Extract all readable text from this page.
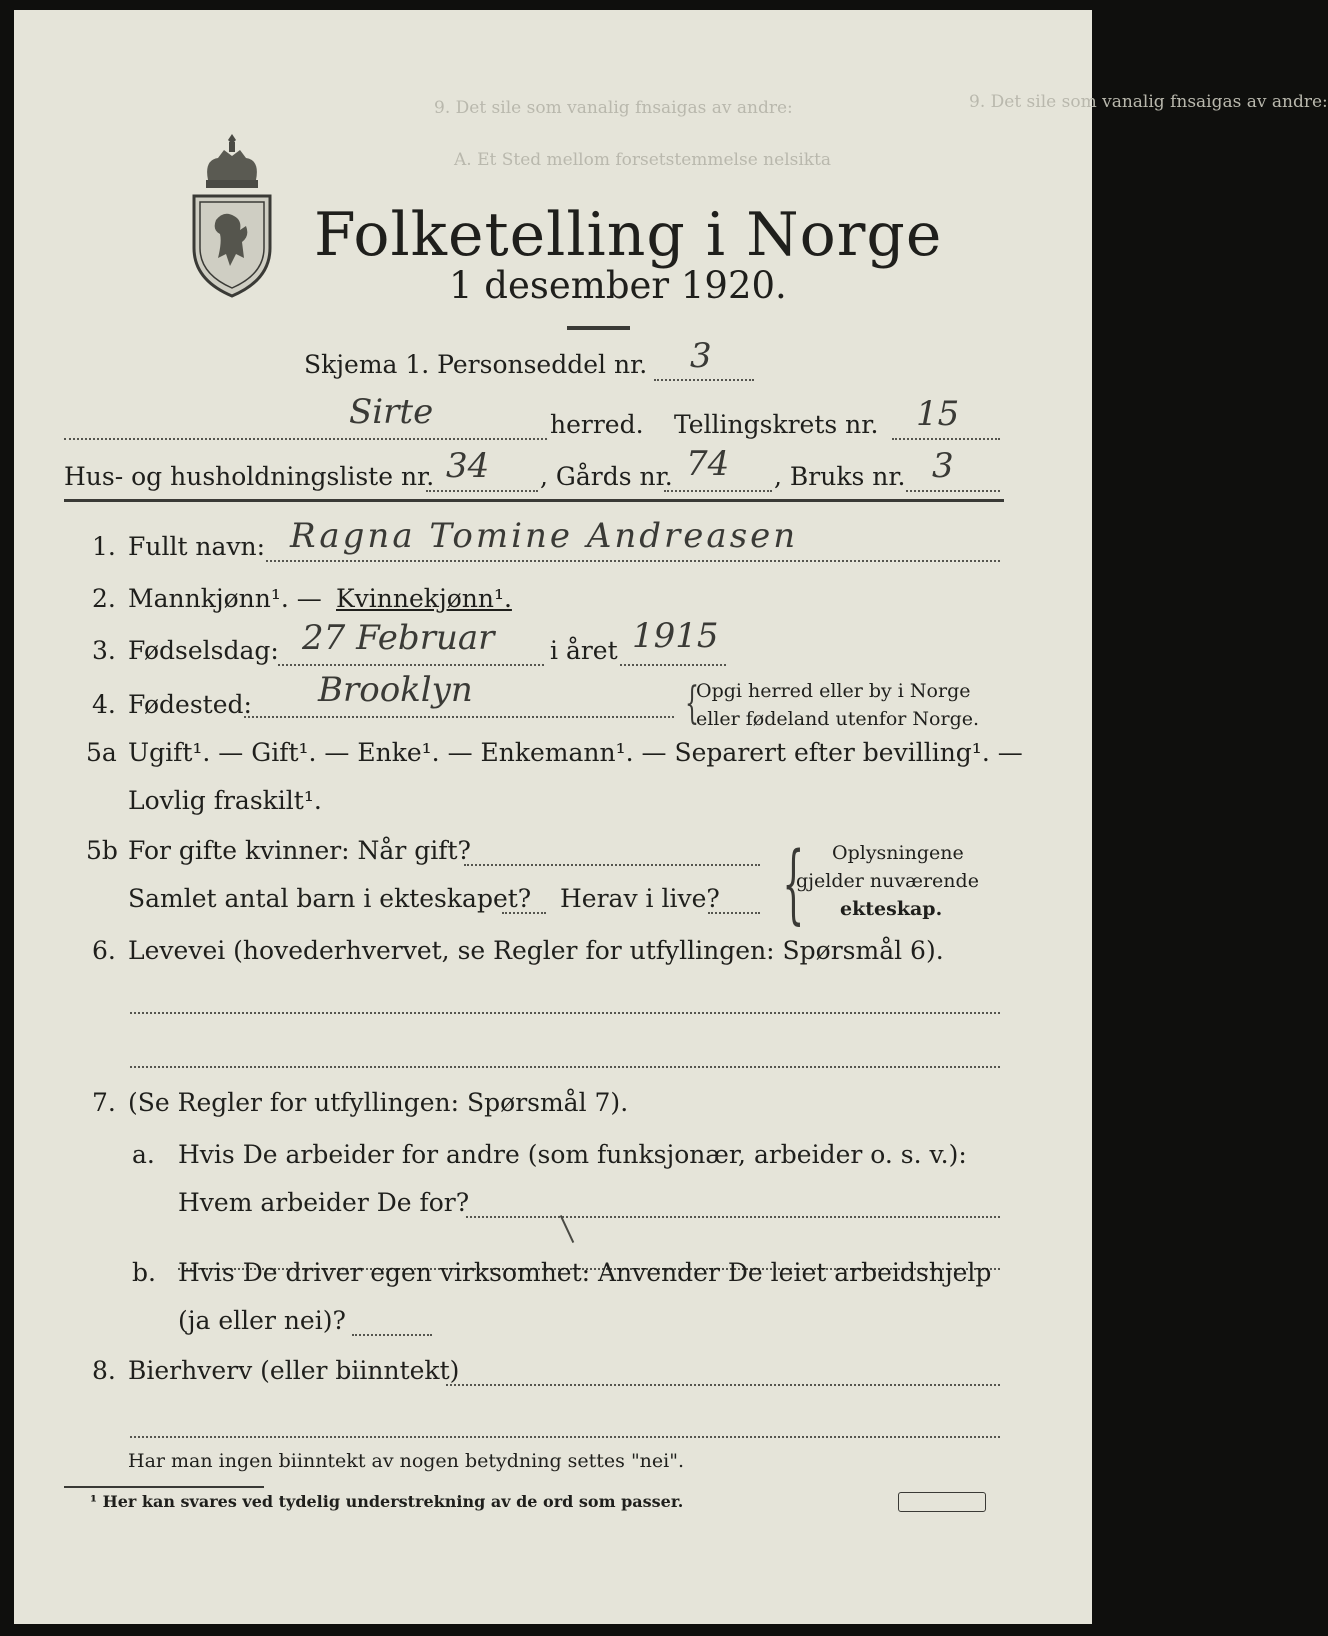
9. Det sile som vanalig fnsaigas av andre:
9. Det sile som vanalig fnsaigas av andre:
A. Et Sted mellom forsetstemmelse nelsikta
Folketelling i Norge
1 desember 1920.
Skjema 1. Personseddel nr. 3
Sirte	herred. Tellingskrets nr. 15
Hus- og husholdningsliste nr. 34 , Gårds nr. 74 , Bruks nr. 3
1. Fullt navn: Ragna Tomine Andreasen
2. Mannkjønn¹. — Kvinnekjønn¹.
3. Fødselsdag: 27 Februar i året 1915
4. Fødested: Brooklyn	{
Opgi herred eller by i Norge
eller fødeland utenfor Norge.
5a Ugift¹. — Gift¹. — Enke¹. — Enkemann¹. — Separert efter bevilling¹. —
Lovlig fraskilt¹.
5b For gifte kvinner: Når gift?
Samlet antal barn i ekteskapet? Herav i live? { Oplysningene
gjelder nuværende
ekteskap.
6. Levevei (hovederhvervet, se Regler for utfyllingen: Spørsmål 6).
7. (Se Regler for utfyllingen: Spørsmål 7).
a. Hvis De arbeider for andre (som funksjonær, arbeider o. s. v.):
Hvem arbeider De for?
b. Hvis De driver egen virksomhet: Anvender De leiet arbeidshjelp
(ja eller nei)?
8. Bierhverv (eller biinntekt)
Har man ingen biinntekt av nogen betydning settes "nei".
¹ Her kan svares ved tydelig understrekning av de ord som passer.
